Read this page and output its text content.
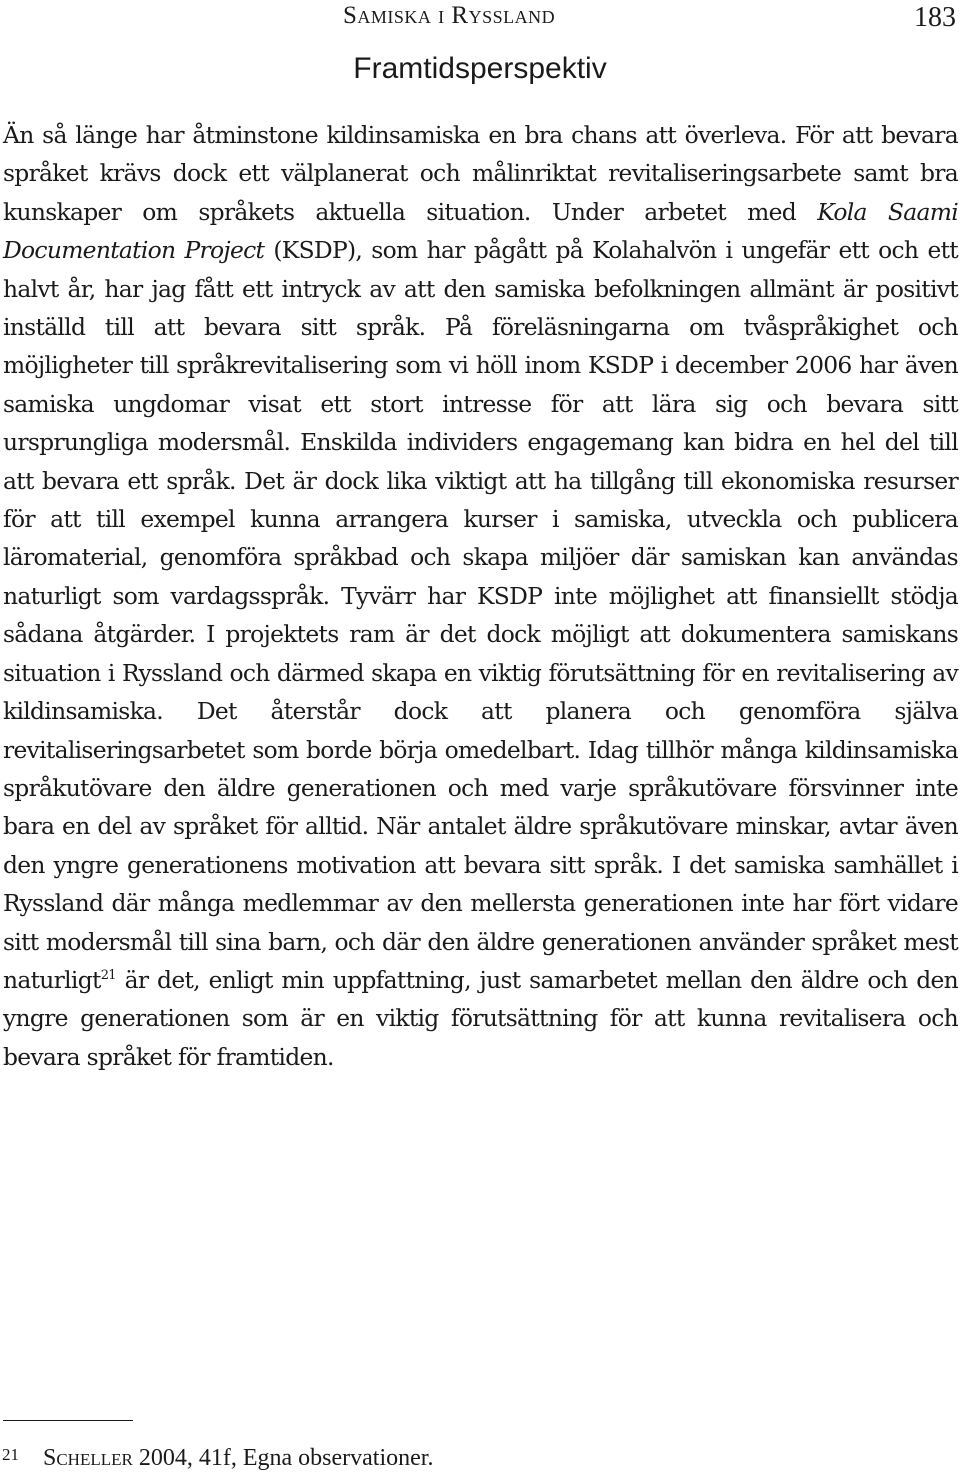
Samiska i Ryssland	183
Framtidsperspektiv

Än så länge har åtminstone kildinsamiska en bra chans att överleva. För att bevara språket krävs dock ett välplanerat och målinriktat revitaliseringsarbete samt bra kunskaper om språkets aktuella situation. Under arbetet med Kola Saami Documentation Project (KSDP), som har pågått på Kolahalvön i ungefär ett och ett halvt år, har jag fått ett intryck av att den samiska befolkningen allmänt är positivt inställd till att bevara sitt språk. På föreläsningarna om tvåspråkighet och möjligheter till språkrevitalisering som vi höll inom KSDP i december 2006 har även samiska ungdomar visat ett stort intresse för att lära sig och bevara sitt ursprungliga modersmål. Enskilda individers engagemang kan bidra en hel del till att bevara ett språk. Det är dock lika viktigt att ha tillgång till ekonomiska resurser för att till exempel kunna arrangera kurser i samiska, utveckla och publicera läromaterial, genomföra språkbad och skapa miljöer där samiskan kan användas naturligt som vardagsspråk. Tyvärr har KSDP inte möjlighet att finansiellt stödja sådana åtgärder. I projektets ram är det dock möjligt att dokumentera samiskans situation i Ryssland och därmed skapa en viktig förutsättning för en revitalisering av kildinsamiska. Det återstår dock att planera och genomföra själva revitaliseringsarbetet som borde börja omedelbart. Idag tillhör många kildinsamiska språkutövare den äldre generationen och med varje språkutövare försvinner inte bara en del av språket för alltid. När antalet äldre språkutövare minskar, avtar även den yngre generationens motivation att bevara sitt språk. I det samiska samhället i Ryssland där många medlemmar av den mellersta generationen inte har fört vidare sitt modersmål till sina barn, och där den äldre generationen använder språket mest naturligt$^{21}$ är det, enligt min uppfattning, just samarbetet mellan den äldre och den yngre generationen som är en viktig förutsättning för att kunna revitalisera och bevara språket för framtiden.

21 Scheller 2004, 41f, Egna observationer.
